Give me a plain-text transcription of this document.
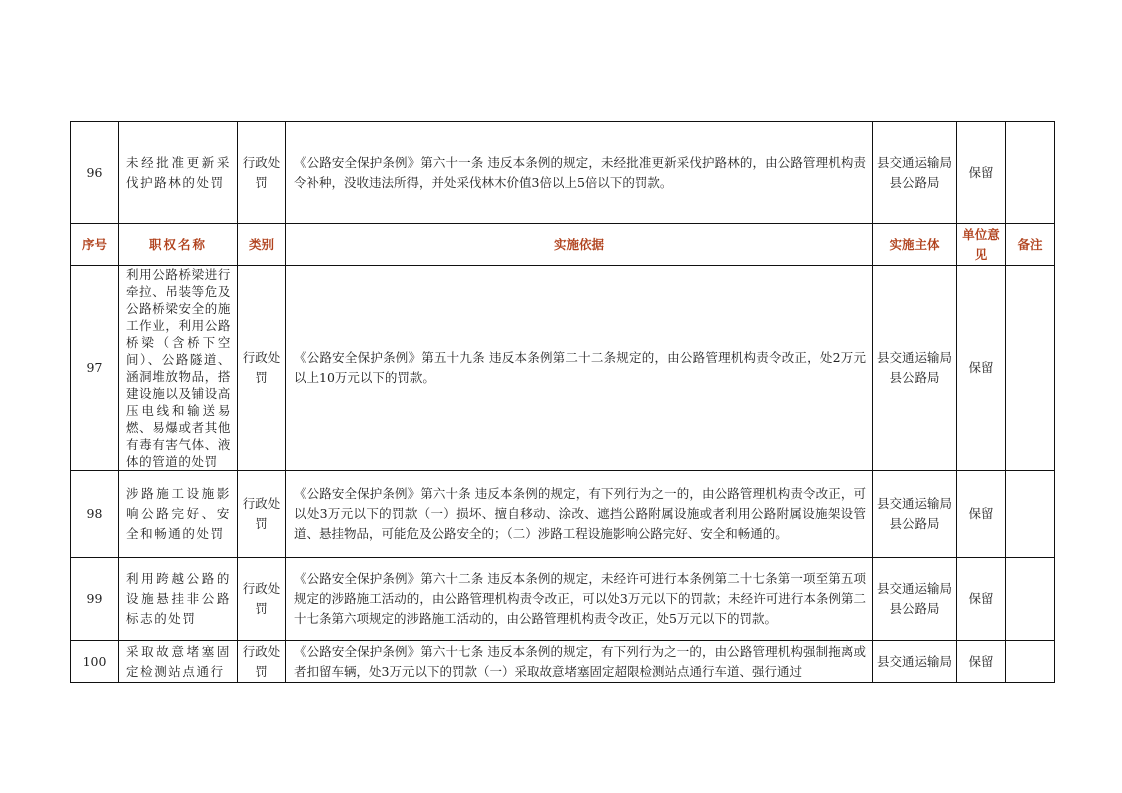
96	未经批准更新采伐护路林的处罚	行政处罚	《公路安全保护条例》第六十一条 违反本条例的规定，未经批准更新采伐护路林的，由公路管理机构责令补种，没收违法所得，并处采伐林木价值3倍以上5倍以下的罚款。	县交通运输局县公路局	保留	
序号	职权名称	类别	实施依据	实施主体	单位意见	备注
97	利用公路桥梁进行牵拉、吊装等危及公路桥梁安全的施工作业，利用公路桥梁（含桥下空间）、公路隧道、涵洞堆放物品，搭建设施以及铺设高压电线和输送易燃、易爆或者其他有毒有害气体、液体的管道的处罚	行政处罚	《公路安全保护条例》第五十九条 违反本条例第二十二条规定的，由公路管理机构责令改正，处2万元以上10万元以下的罚款。	县交通运输局县公路局	保留	
98	涉路施工设施影响公路完好、安全和畅通的处罚	行政处罚	《公路安全保护条例》第六十条 违反本条例的规定，有下列行为之一的，由公路管理机构责令改正，可以处3万元以下的罚款（一）损坏、擅自移动、涂改、遮挡公路附属设施或者利用公路附属设施架设管道、悬挂物品，可能危及公路安全的；（二）涉路工程设施影响公路完好、安全和畅通的。	县交通运输局县公路局	保留	
99	利用跨越公路的设施悬挂非公路标志的处罚	行政处罚	《公路安全保护条例》第六十二条 违反本条例的规定，未经许可进行本条例第二十七条第一项至第五项规定的涉路施工活动的，由公路管理机构责令改正，可以处3万元以下的罚款；未经许可进行本条例第二十七条第六项规定的涉路施工活动的，由公路管理机构责令改正，处5万元以下的罚款。	县交通运输局县公路局	保留	
100	采取故意堵塞固定检测站点通行	行政处罚	《公路安全保护条例》第六十七条 违反本条例的规定，有下列行为之一的，由公路管理机构强制拖离或者扣留车辆，处3万元以下的罚款（一）采取故意堵塞固定超限检测站点通行车道、强行通过	县交通运输局	保留	
